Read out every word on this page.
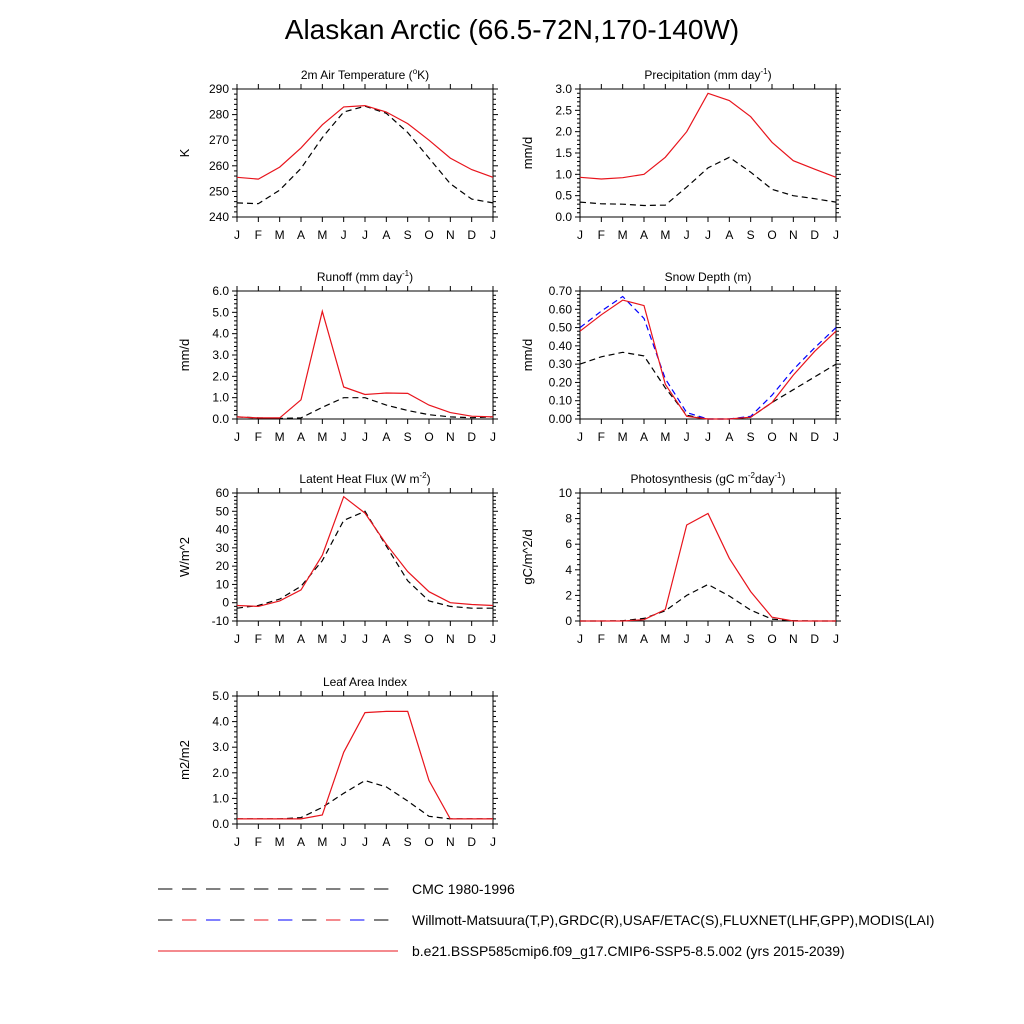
Alaskan Arctic (66.5-72N,170-140W)
J F M A M J J A S O N D J
240
250
260
270
280
290
2m Air Temperature ($^o$K)
K
J F M A M J J A S O N D J
0.0
0.5
1.0
1.5
2.0
2.5
3.0
Precipitation (mm day$^{-1}$)
mm/d
J F M A M J J A S O N D J
0.0
1.0
2.0
3.0
4.0
5.0
6.0
Runoff (mm day$^{-1}$)
mm/d
J F M A M J J A S O N D J
0.00
0.10
0.20
0.30
0.40
0.50
0.60
0.70
Snow Depth (m)
mm/d
J F M A M J J A S O N D J
-10
0
10
20
30
40
50
60
Latent Heat Flux (W $m^{-2}$)
W/m^2
J F M A M J J A S O N D J
0
2
4
6
8
10
Photosynthesis (gC $m^{-2}day^{-1}$)
gC/m^2/d
J F M A M J J A S O N D J
0.0
1.0
2.0
3.0
4.0
5.0
Leaf Area Index
m2/m2
CMC 1980-1996
Willmott-Matsuura(T,P),GRDC(R),USAF/ETAC(S),FLUXNET(LHF,GPP),MODIS(LAI)
b.e21.BSSP585cmip6.f09_g17.CMIP6-SSP5-8.5.002 (yrs 2015-2039)
